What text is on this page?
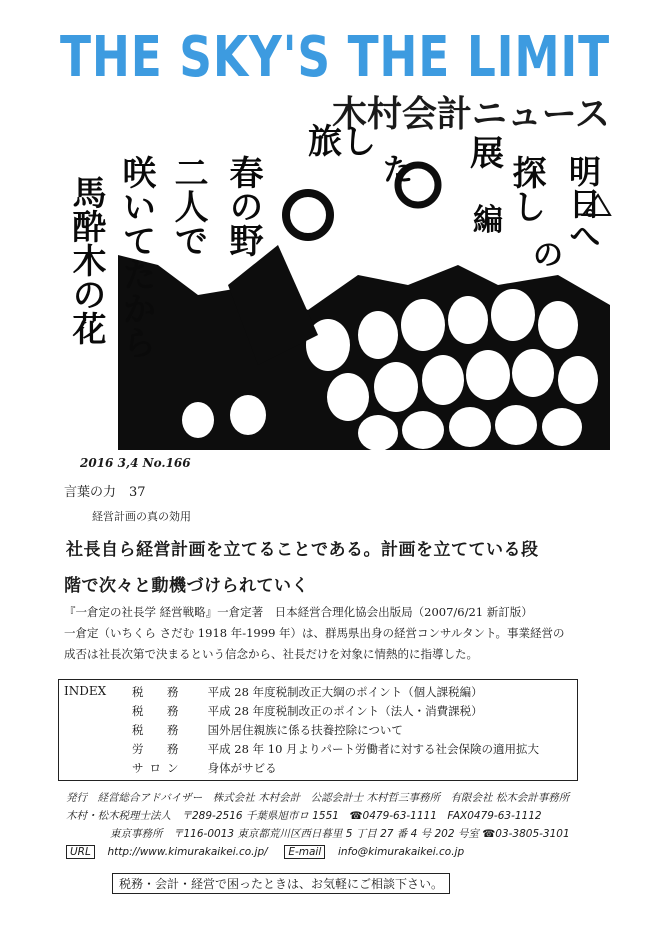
THE SKY'S THE LIMIT
木村会計ニュース
馬酔木の花 咲いてたから 二人で 春の野
旅し
た 展
探し 明日へ
の
編
2016 3,4 No.166
言葉の力　37
経営計画の真の効用
社長自ら経営計画を立てることである。計画を立てている段
階で次々と動機づけられていく
『一倉定の社長学 経営戦略』一倉定著　日本経営合理化協会出版局（2007/6/21 新訂版）
一倉定（いちくら さだむ 1918 年-1999 年）は、群馬県出身の経営コンサルタント。事業経営の
成否は社長次第で決まるという信念から、社長だけを対象に情熱的に指導した。
INDEX 税　務 平成 28 年度税制改正大綱のポイント（個人課税編）
税　務 平成 28 年度税制改正のポイント（法人・消費課税）
税　務 国外居住親族に係る扶養控除について
労　務 平成 28 年 10 月よりパート労働者に対する社会保険の適用拡大
サロン 身体がサビる
発行　経営総合アドバイザー　株式会社 木村会計　公認会計士 木村哲三事務所　有限会社 松木会計事務所
木村・松木税理士法人　〒289-2516 千葉県旭市ロ 1551　☎0479-63-1111　FAX0479-63-1112
東京事務所　〒116-0013 東京都荒川区西日暮里 5 丁目 27 番 4 号 202 号室 ☎03-3805-3101
URL http://www.kimurakaikei.co.jp/ E-mail info@kimurakaikei.co.jp
税務・会計・経営で困ったときは、お気軽にご相談下さい。
